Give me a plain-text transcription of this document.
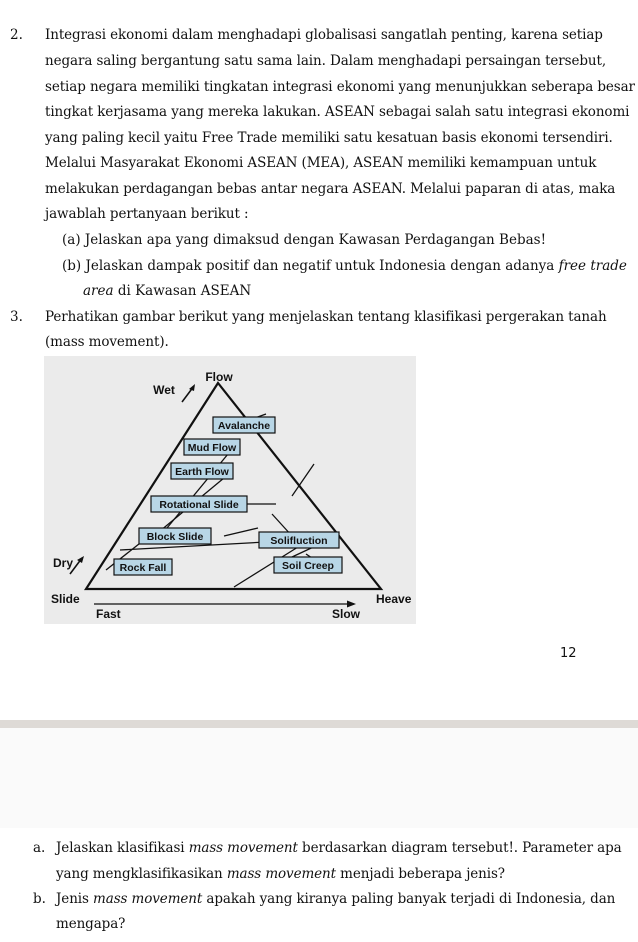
2. Integrasi ekonomi dalam menghadapi globalisasi sangatlah penting, karena setiap
negara saling bergantung satu sama lain. Dalam menghadapi persaingan tersebut,
setiap negara memiliki tingkatan integrasi ekonomi yang menunjukkan seberapa besar
tingkat kerjasama yang mereka lakukan. ASEAN sebagai salah satu integrasi ekonomi
yang paling kecil yaitu Free Trade memiliki satu kesatuan basis ekonomi tersendiri.
Melalui Masyarakat Ekonomi ASEAN (MEA), ASEAN memiliki kemampuan untuk
melakukan perdagangan bebas antar negara ASEAN. Melalui paparan di atas, maka
jawablah pertanyaan berikut :
(a) Jelaskan apa yang dimaksud dengan Kawasan Perdagangan Bebas!
(b) Jelaskan dampak positif dan negatif untuk Indonesia dengan adanya free trade
area di Kawasan ASEAN
3. Perhatikan gambar berikut yang menjelaskan tentang klasifikasi pergerakan tanah
(mass movement).
Avalanche
Mud Flow
Earth Flow
Rotational Slide
Block Slide	Solifluction
Rock Fall	Soil Creep
Flow
Wet
Dry
Slide	Heave
Fast	Slow
12
a. Jelaskan klasifikasi mass movement berdasarkan diagram tersebut!. Parameter apa
yang mengklasifikasikan mass movement menjadi beberapa jenis?
b. Jenis mass movement apakah yang kiranya paling banyak terjadi di Indonesia, dan
mengapa?
